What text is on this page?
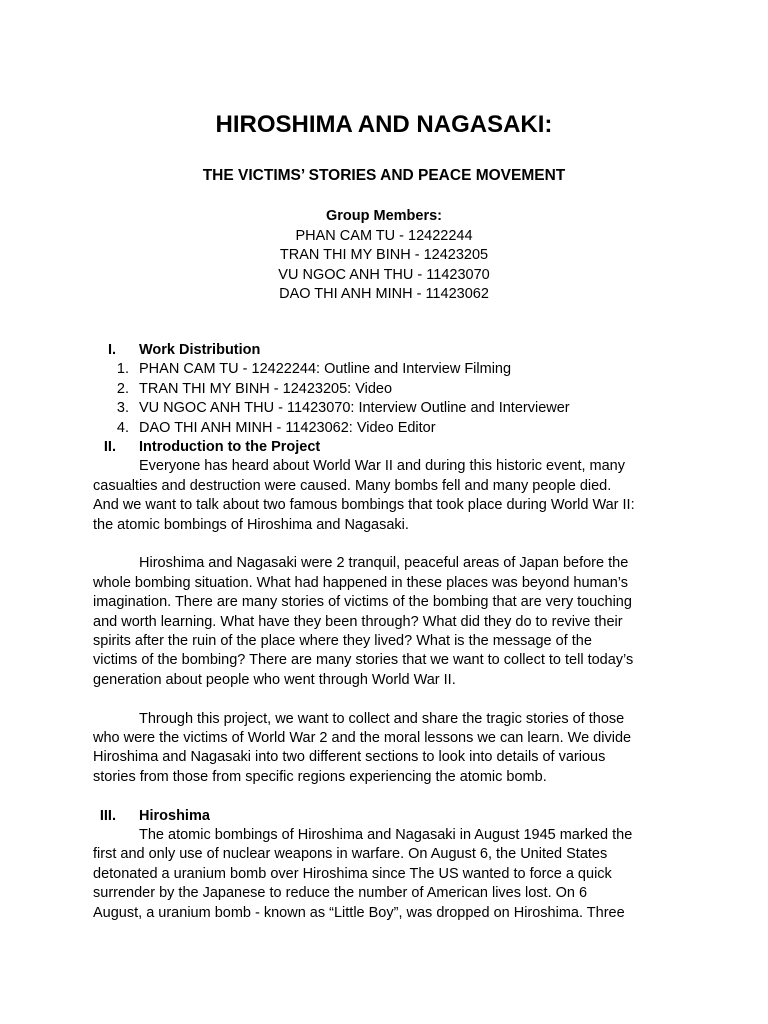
HIROSHIMA AND NAGASAKI:
THE VICTIMS’ STORIES AND PEACE MOVEMENT
Group Members:
PHAN CAM TU - 12422244
TRAN THI MY BINH - 12423205
VU NGOC ANH THU - 11423070
DAO THI ANH MINH - 11423062
I. Work Distribution
1. PHAN CAM TU - 12422244: Outline and Interview Filming
2. TRAN THI MY BINH - 12423205: Video
3. VU NGOC ANH THU - 11423070: Interview Outline and Interviewer
4. DAO THI ANH MINH - 11423062: Video Editor
II. Introduction to the Project
Everyone has heard about World War II and during this historic event, many
casualties and destruction were caused. Many bombs fell and many people died.
And we want to talk about two famous bombings that took place during World War II:
the atomic bombings of Hiroshima and Nagasaki.
Hiroshima and Nagasaki were 2 tranquil, peaceful areas of Japan before the
whole bombing situation. What had happened in these places was beyond human’s
imagination. There are many stories of victims of the bombing that are very touching
and worth learning. What have they been through? What did they do to revive their
spirits after the ruin of the place where they lived? What is the message of the
victims of the bombing? There are many stories that we want to collect to tell today’s
generation about people who went through World War II.
Through this project, we want to collect and share the tragic stories of those
who were the victims of World War 2 and the moral lessons we can learn. We divide
Hiroshima and Nagasaki into two different sections to look into details of various
stories from those from specific regions experiencing the atomic bomb.
III. Hiroshima
The atomic bombings of Hiroshima and Nagasaki in August 1945 marked the
first and only use of nuclear weapons in warfare. On August 6, the United States
detonated a uranium bomb over Hiroshima since The US wanted to force a quick
surrender by the Japanese to reduce the number of American lives lost. On 6
August, a uranium bomb - known as “Little Boy”, was dropped on Hiroshima. Three
